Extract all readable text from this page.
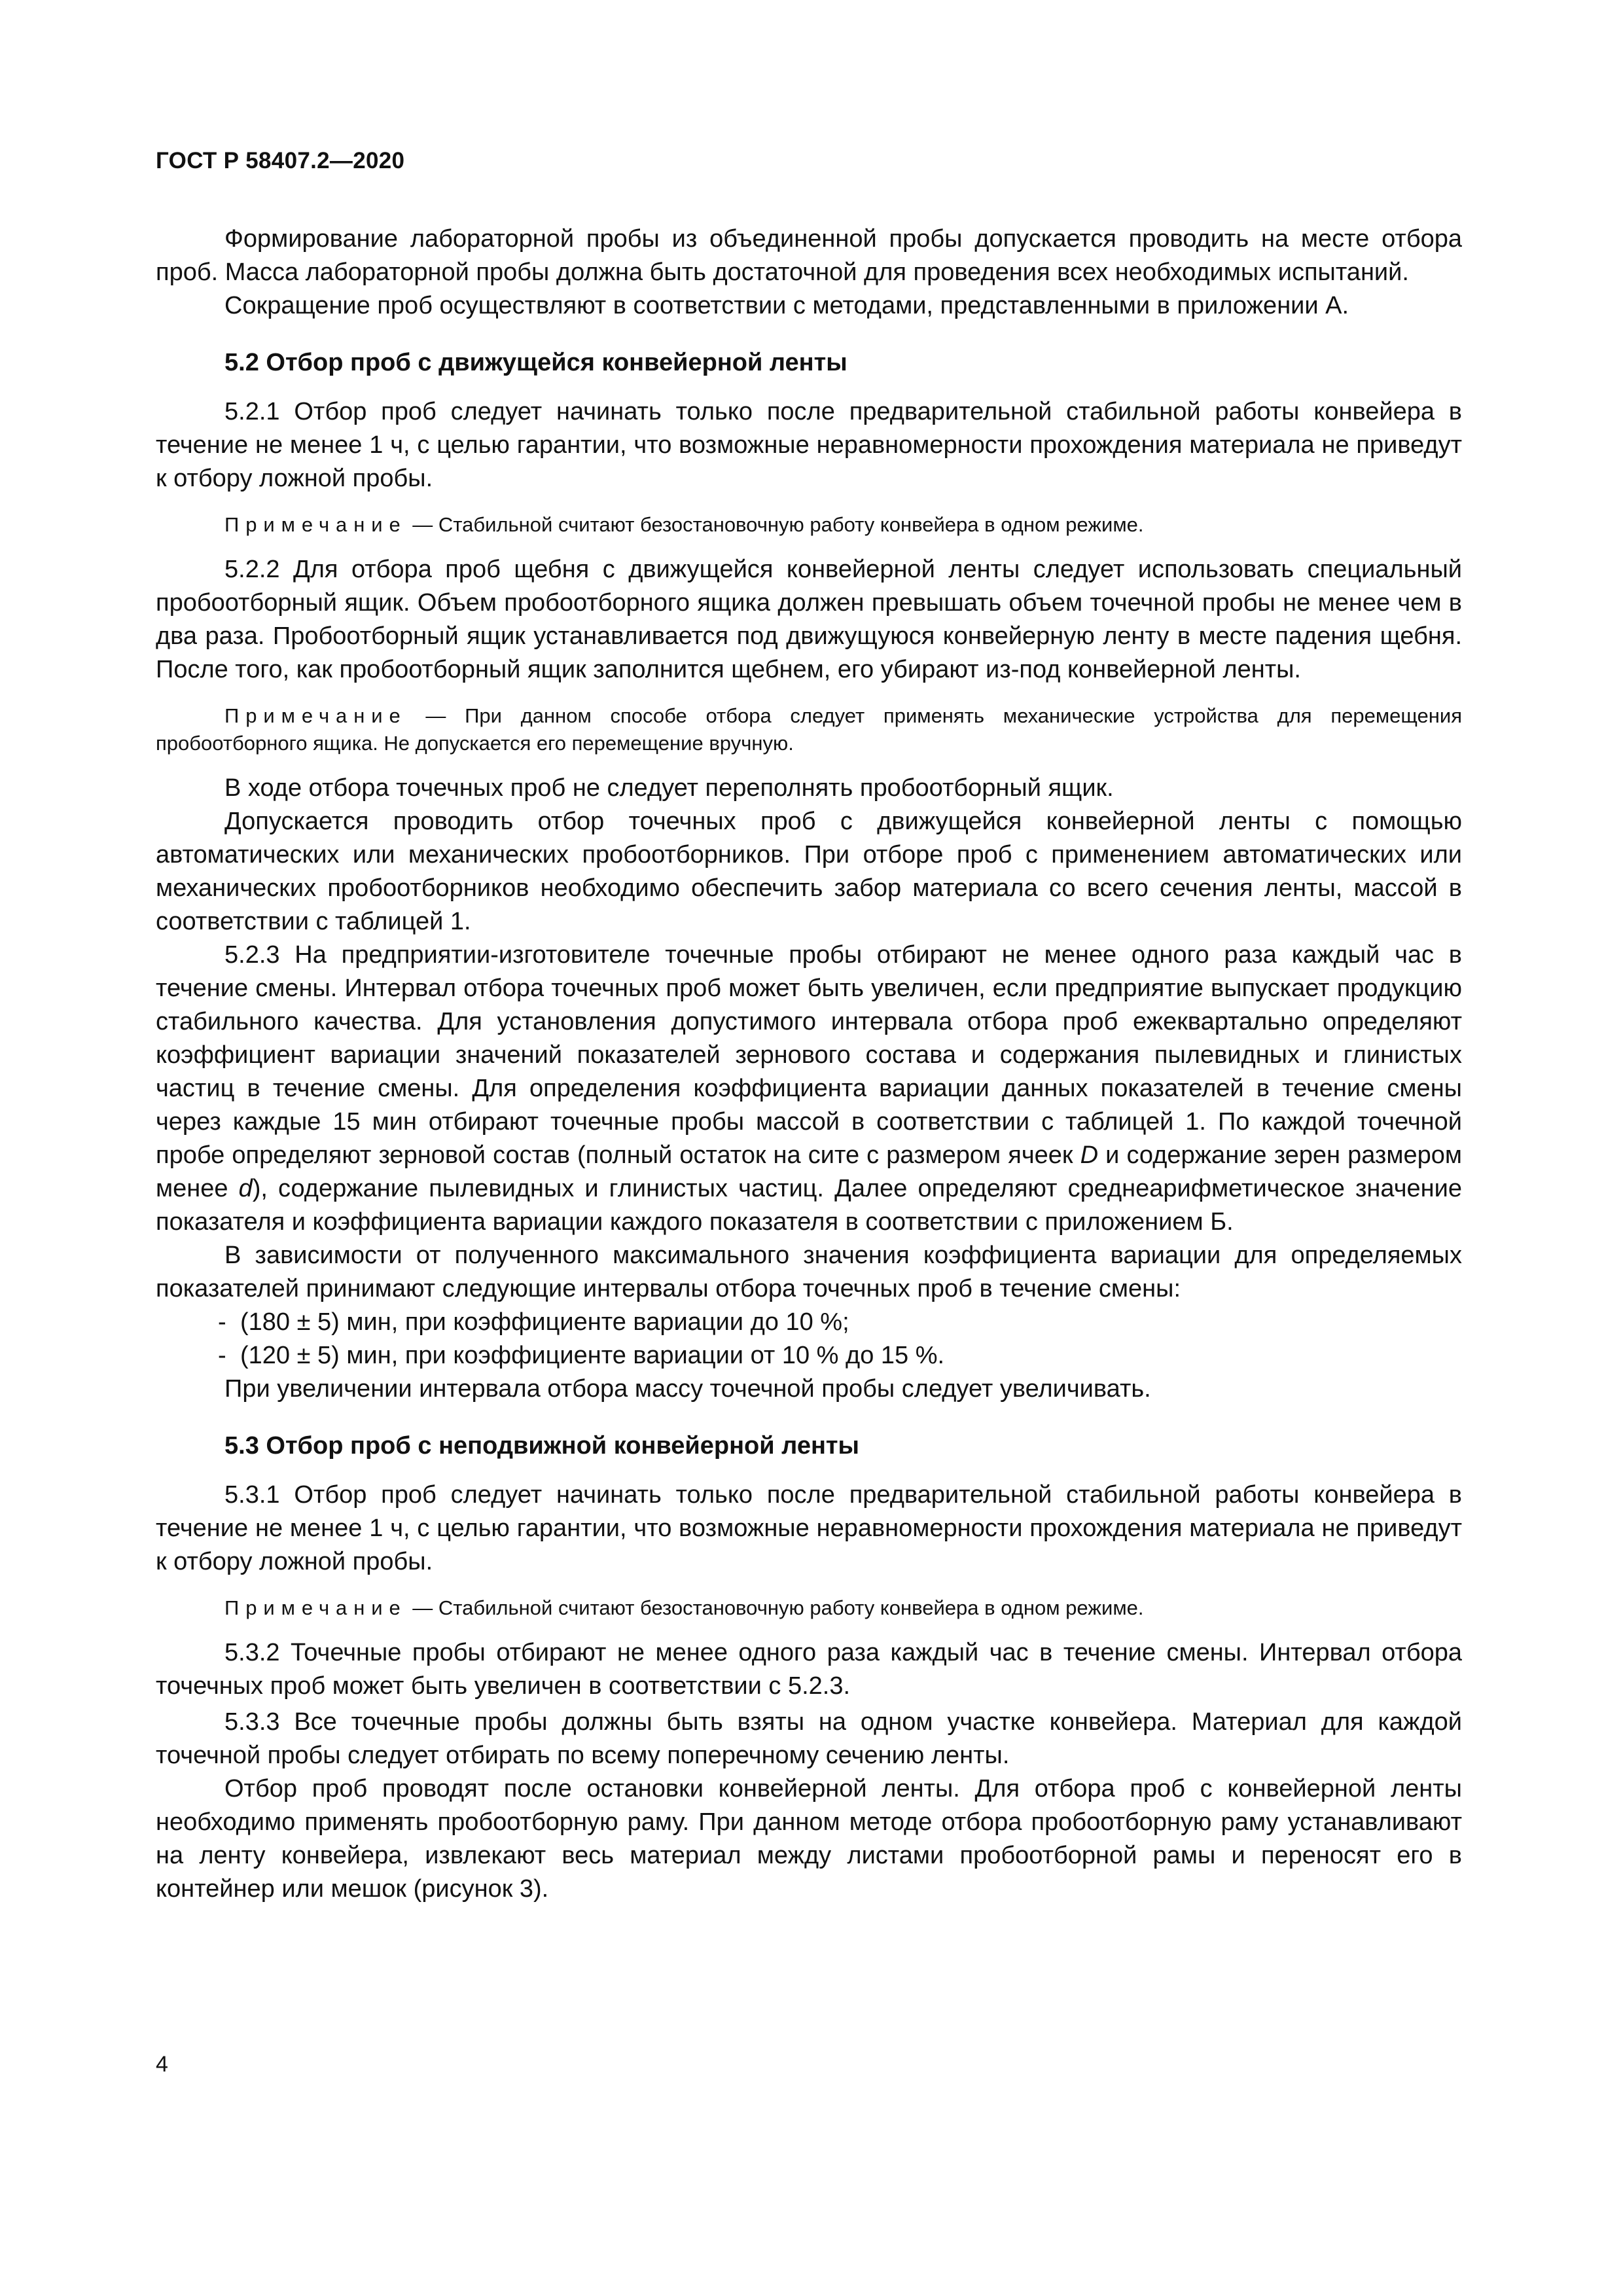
ГОСТ Р 58407.2—2020

Формирование лабораторной пробы из объединенной пробы допускается проводить на месте отбора проб. Масса лабораторной пробы должна быть достаточной для проведения всех необходимых испытаний.

Сокращение проб осуществляют в соответствии с методами, представленными в приложении А.

5.2 Отбор проб с движущейся конвейерной ленты

5.2.1 Отбор проб следует начинать только после предварительной стабильной работы конвейера в течение не менее 1 ч, с целью гарантии, что возможные неравномерности прохождения материала не приведут к отбору ложной пробы.

Примечание — Стабильной считают безостановочную работу конвейера в одном режиме.

5.2.2 Для отбора проб щебня с движущейся конвейерной ленты следует использовать специальный пробоотборный ящик. Объем пробоотборного ящика должен превышать объем точечной пробы не менее чем в два раза. Пробоотборный ящик устанавливается под движущуюся конвейерную ленту в месте падения щебня. После того, как пробоотборный ящик заполнится щебнем, его убирают из-под конвейерной ленты.

Примечание — При данном способе отбора следует применять механические устройства для перемещения пробоотборного ящика. Не допускается его перемещение вручную.

В ходе отбора точечных проб не следует переполнять пробоотборный ящик.

Допускается проводить отбор точечных проб с движущейся конвейерной ленты с помощью автоматических или механических пробоотборников. При отборе проб с применением автоматических или механических пробоотборников необходимо обеспечить забор материала со всего сечения ленты, массой в соответствии с таблицей 1.

5.2.3 На предприятии-изготовителе точечные пробы отбирают не менее одного раза каждый час в течение смены. Интервал отбора точечных проб может быть увеличен, если предприятие выпускает продукцию стабильного качества. Для установления допустимого интервала отбора проб ежеквартально определяют коэффициент вариации значений показателей зернового состава и содержания пылевидных и глинистых частиц в течение смены. Для определения коэффициента вариации данных показателей в течение смены через каждые 15 мин отбирают точечные пробы массой в соответствии с таблицей 1. По каждой точечной пробе определяют зерновой состав (полный остаток на сите с размером ячеек D и содержание зерен размером менее d), содержание пылевидных и глинистых частиц. Далее определяют среднеарифметическое значение показателя и коэффициента вариации каждого показателя в соответствии с приложением Б.

В зависимости от полученного максимального значения коэффициента вариации для определяемых показателей принимают следующие интервалы отбора точечных проб в течение смены:

- (180 ± 5) мин, при коэффициенте вариации до 10 %;

- (120 ± 5) мин, при коэффициенте вариации от 10 % до 15 %.

При увеличении интервала отбора массу точечной пробы следует увеличивать.

5.3 Отбор проб с неподвижной конвейерной ленты

5.3.1 Отбор проб следует начинать только после предварительной стабильной работы конвейера в течение не менее 1 ч, с целью гарантии, что возможные неравномерности прохождения материала не приведут к отбору ложной пробы.

Примечание — Стабильной считают безостановочную работу конвейера в одном режиме.

5.3.2 Точечные пробы отбирают не менее одного раза каждый час в течение смены. Интервал отбора точечных проб может быть увеличен в соответствии с 5.2.3.

5.3.3 Все точечные пробы должны быть взяты на одном участке конвейера. Материал для каждой точечной пробы следует отбирать по всему поперечному сечению ленты.

Отбор проб проводят после остановки конвейерной ленты. Для отбора проб с конвейерной ленты необходимо применять пробоотборную раму. При данном методе отбора пробоотборную раму устанавливают на ленту конвейера, извлекают весь материал между листами пробоотборной рамы и переносят его в контейнер или мешок (рисунок 3).

4
